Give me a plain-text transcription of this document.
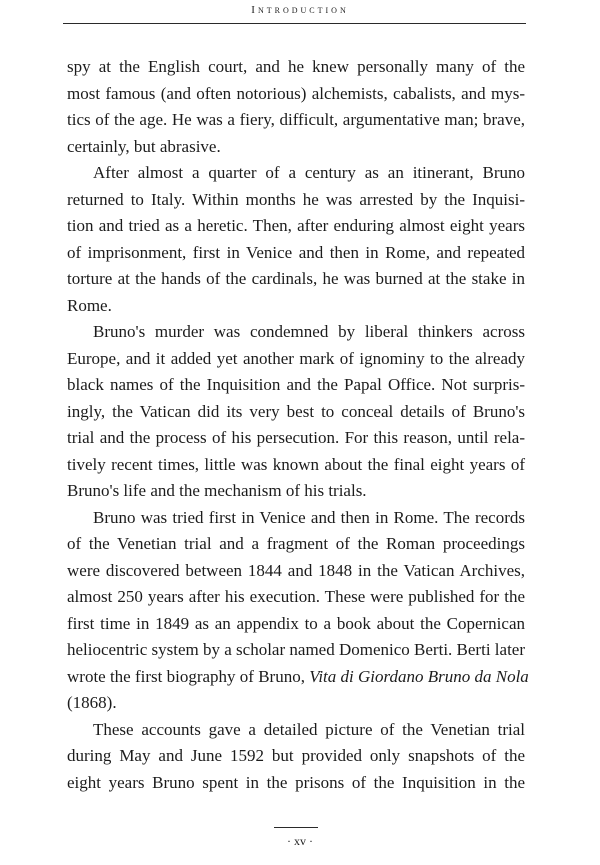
Introduction
spy at the English court, and he knew personally many of the
most famous (and often notorious) alchemists, cabalists, and mys-
tics of the age. He was a fiery, difficult, argumentative man; brave,
certainly, but abrasive.
After almost a quarter of a century as an itinerant, Bruno
returned to Italy. Within months he was arrested by the Inquisi-
tion and tried as a heretic. Then, after enduring almost eight years
of imprisonment, first in Venice and then in Rome, and repeated
torture at the hands of the cardinals, he was burned at the stake in
Rome.
Bruno's murder was condemned by liberal thinkers across
Europe, and it added yet another mark of ignominy to the already
black names of the Inquisition and the Papal Office. Not surpris-
ingly, the Vatican did its very best to conceal details of Bruno's
trial and the process of his persecution. For this reason, until rela-
tively recent times, little was known about the final eight years of
Bruno's life and the mechanism of his trials.
Bruno was tried first in Venice and then in Rome. The records
of the Venetian trial and a fragment of the Roman proceedings
were discovered between 1844 and 1848 in the Vatican Archives,
almost 250 years after his execution. These were published for the
first time in 1849 as an appendix to a book about the Copernican
heliocentric system by a scholar named Domenico Berti. Berti later
wrote the first biography of Bruno, Vita di Giordano Bruno da Nola
(1868).
These accounts gave a detailed picture of the Venetian trial
during May and June 1592 but provided only snapshots of the
eight years Bruno spent in the prisons of the Inquisition in the
· xv ·
